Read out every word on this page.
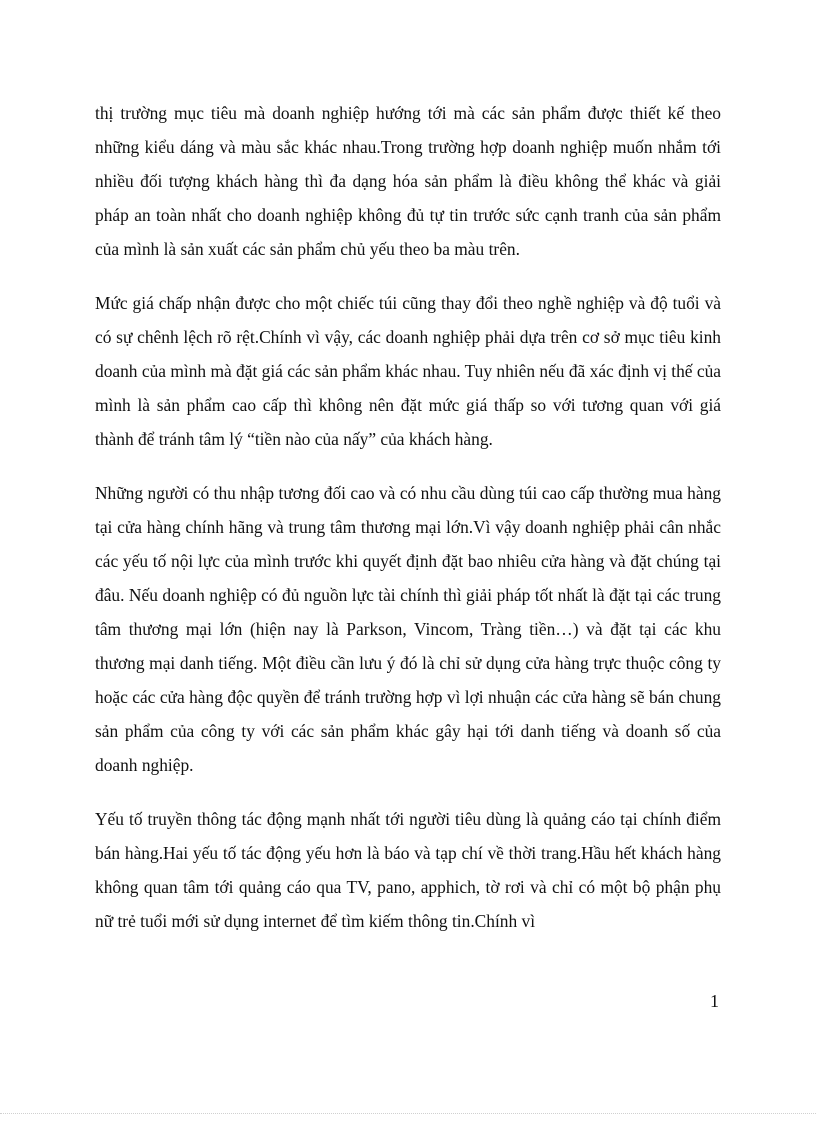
thị trường mục tiêu mà doanh nghiệp hướng tới mà các sản phẩm được thiết kế theo những kiểu dáng và màu sắc khác nhau.Trong trường hợp doanh nghiệp muốn nhắm tới nhiều đối tượng khách hàng thì đa dạng hóa sản phẩm là điều không thể khác và giải pháp an toàn nhất cho doanh nghiệp không đủ tự tin trước sức cạnh tranh của sản phẩm của mình là sản xuất các sản phẩm chủ yếu theo ba màu trên.

Mức giá chấp nhận được cho một chiếc túi cũng thay đổi theo nghề nghiệp và độ tuổi và có sự chênh lệch rõ rệt.Chính vì vậy, các doanh nghiệp phải dựa trên cơ sở mục tiêu kinh doanh của mình mà đặt giá các sản phẩm khác nhau. Tuy nhiên nếu đã xác định vị thế của mình là sản phẩm cao cấp thì không nên đặt mức giá thấp so với tương quan với giá thành để tránh tâm lý “tiền nào của nấy” của khách hàng.

Những người có thu nhập tương đối cao và có nhu cầu dùng túi cao cấp thường mua hàng tại cửa hàng chính hãng và trung tâm thương mại lớn.Vì vậy doanh nghiệp phải cân nhắc các yếu tố nội lực của mình trước khi quyết định đặt bao nhiêu cửa hàng và đặt chúng tại đâu. Nếu doanh nghiệp có đủ nguồn lực tài chính thì giải pháp tốt nhất là đặt tại các trung tâm thương mại lớn (hiện nay là Parkson, Vincom, Tràng tiền…) và đặt tại các khu thương mại danh tiếng. Một điều cần lưu ý đó là chỉ sử dụng cửa hàng trực thuộc công ty hoặc các cửa hàng độc quyền để tránh trường hợp vì lợi nhuận các cửa hàng sẽ bán chung sản phẩm của công ty với các sản phẩm khác gây hại tới danh tiếng và doanh số của doanh nghiệp.

Yếu tố truyền thông tác động mạnh nhất tới người tiêu dùng là quảng cáo tại chính điểm bán hàng.Hai yếu tố tác động yếu hơn là báo và tạp chí về thời trang.Hầu hết khách hàng không quan tâm tới quảng cáo qua TV, pano, apphich, tờ rơi và chỉ có một bộ phận phụ nữ trẻ tuổi mới sử dụng internet để tìm kiếm thông tin.Chính vì

1
